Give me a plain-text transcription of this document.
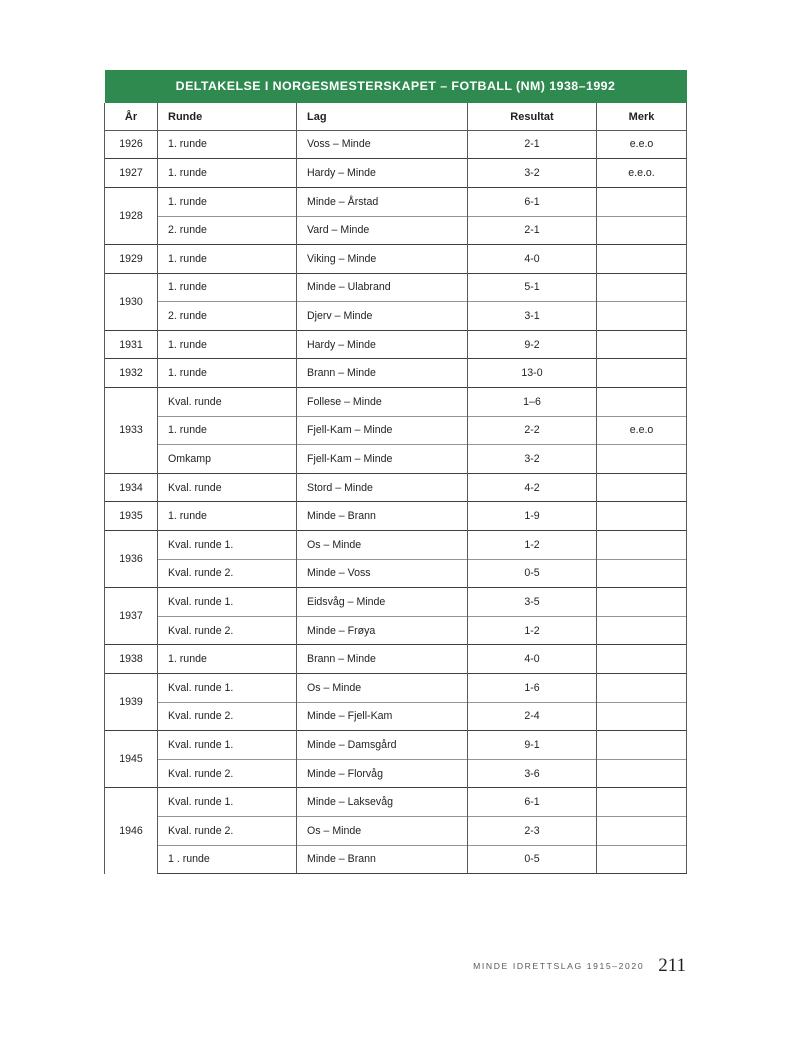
DELTAKELSE I NORGESMESTERSKAPET – FOTBALL (NM) 1938–1992				
År	Runde	Lag	Resultat	Merk
1926	1. runde	Voss – Minde	2-1	e.e.o
1927	1. runde	Hardy – Minde	3-2	e.e.o.
1928	1. runde	Minde – Årstad	6-1	
	2. runde	Vard – Minde	2-1	
1929	1. runde	Viking – Minde	4-0	
1930	1. runde	Minde – Ulabrand	5-1	
	2. runde	Djerv – Minde	3-1	
1931	1. runde	Hardy – Minde	9-2	
1932	1. runde	Brann – Minde	13-0	
1933	Kval. runde	Follese – Minde	1–6	
	1. runde	Fjell-Kam – Minde	2-2	e.e.o
	Omkamp	Fjell-Kam – Minde	3-2	
1934	Kval. runde	Stord – Minde	4-2	
1935	1. runde	Minde – Brann	1-9	
1936	Kval. runde 1.	Os – Minde	1-2	
	Kval. runde 2.	Minde – Voss	0-5	
1937	Kval. runde 1.	Eidsvåg – Minde	3-5	
	Kval. runde 2.	Minde – Frøya	1-2	
1938	1. runde	Brann – Minde	4-0	
1939	Kval. runde 1.	Os – Minde	1-6	
	Kval. runde 2.	Minde – Fjell-Kam	2-4	
1945	Kval. runde 1.	Minde – Damsgård	9-1	
	Kval. runde 2.	Minde – Florvåg	3-6	
1946	Kval. runde 1.	Minde – Laksevåg	6-1	
	Kval. runde 2.	Os – Minde	2-3	
	1 . runde	Minde – Brann	0-5	
MINDE IDRETTSLAG 1915–2020 211
